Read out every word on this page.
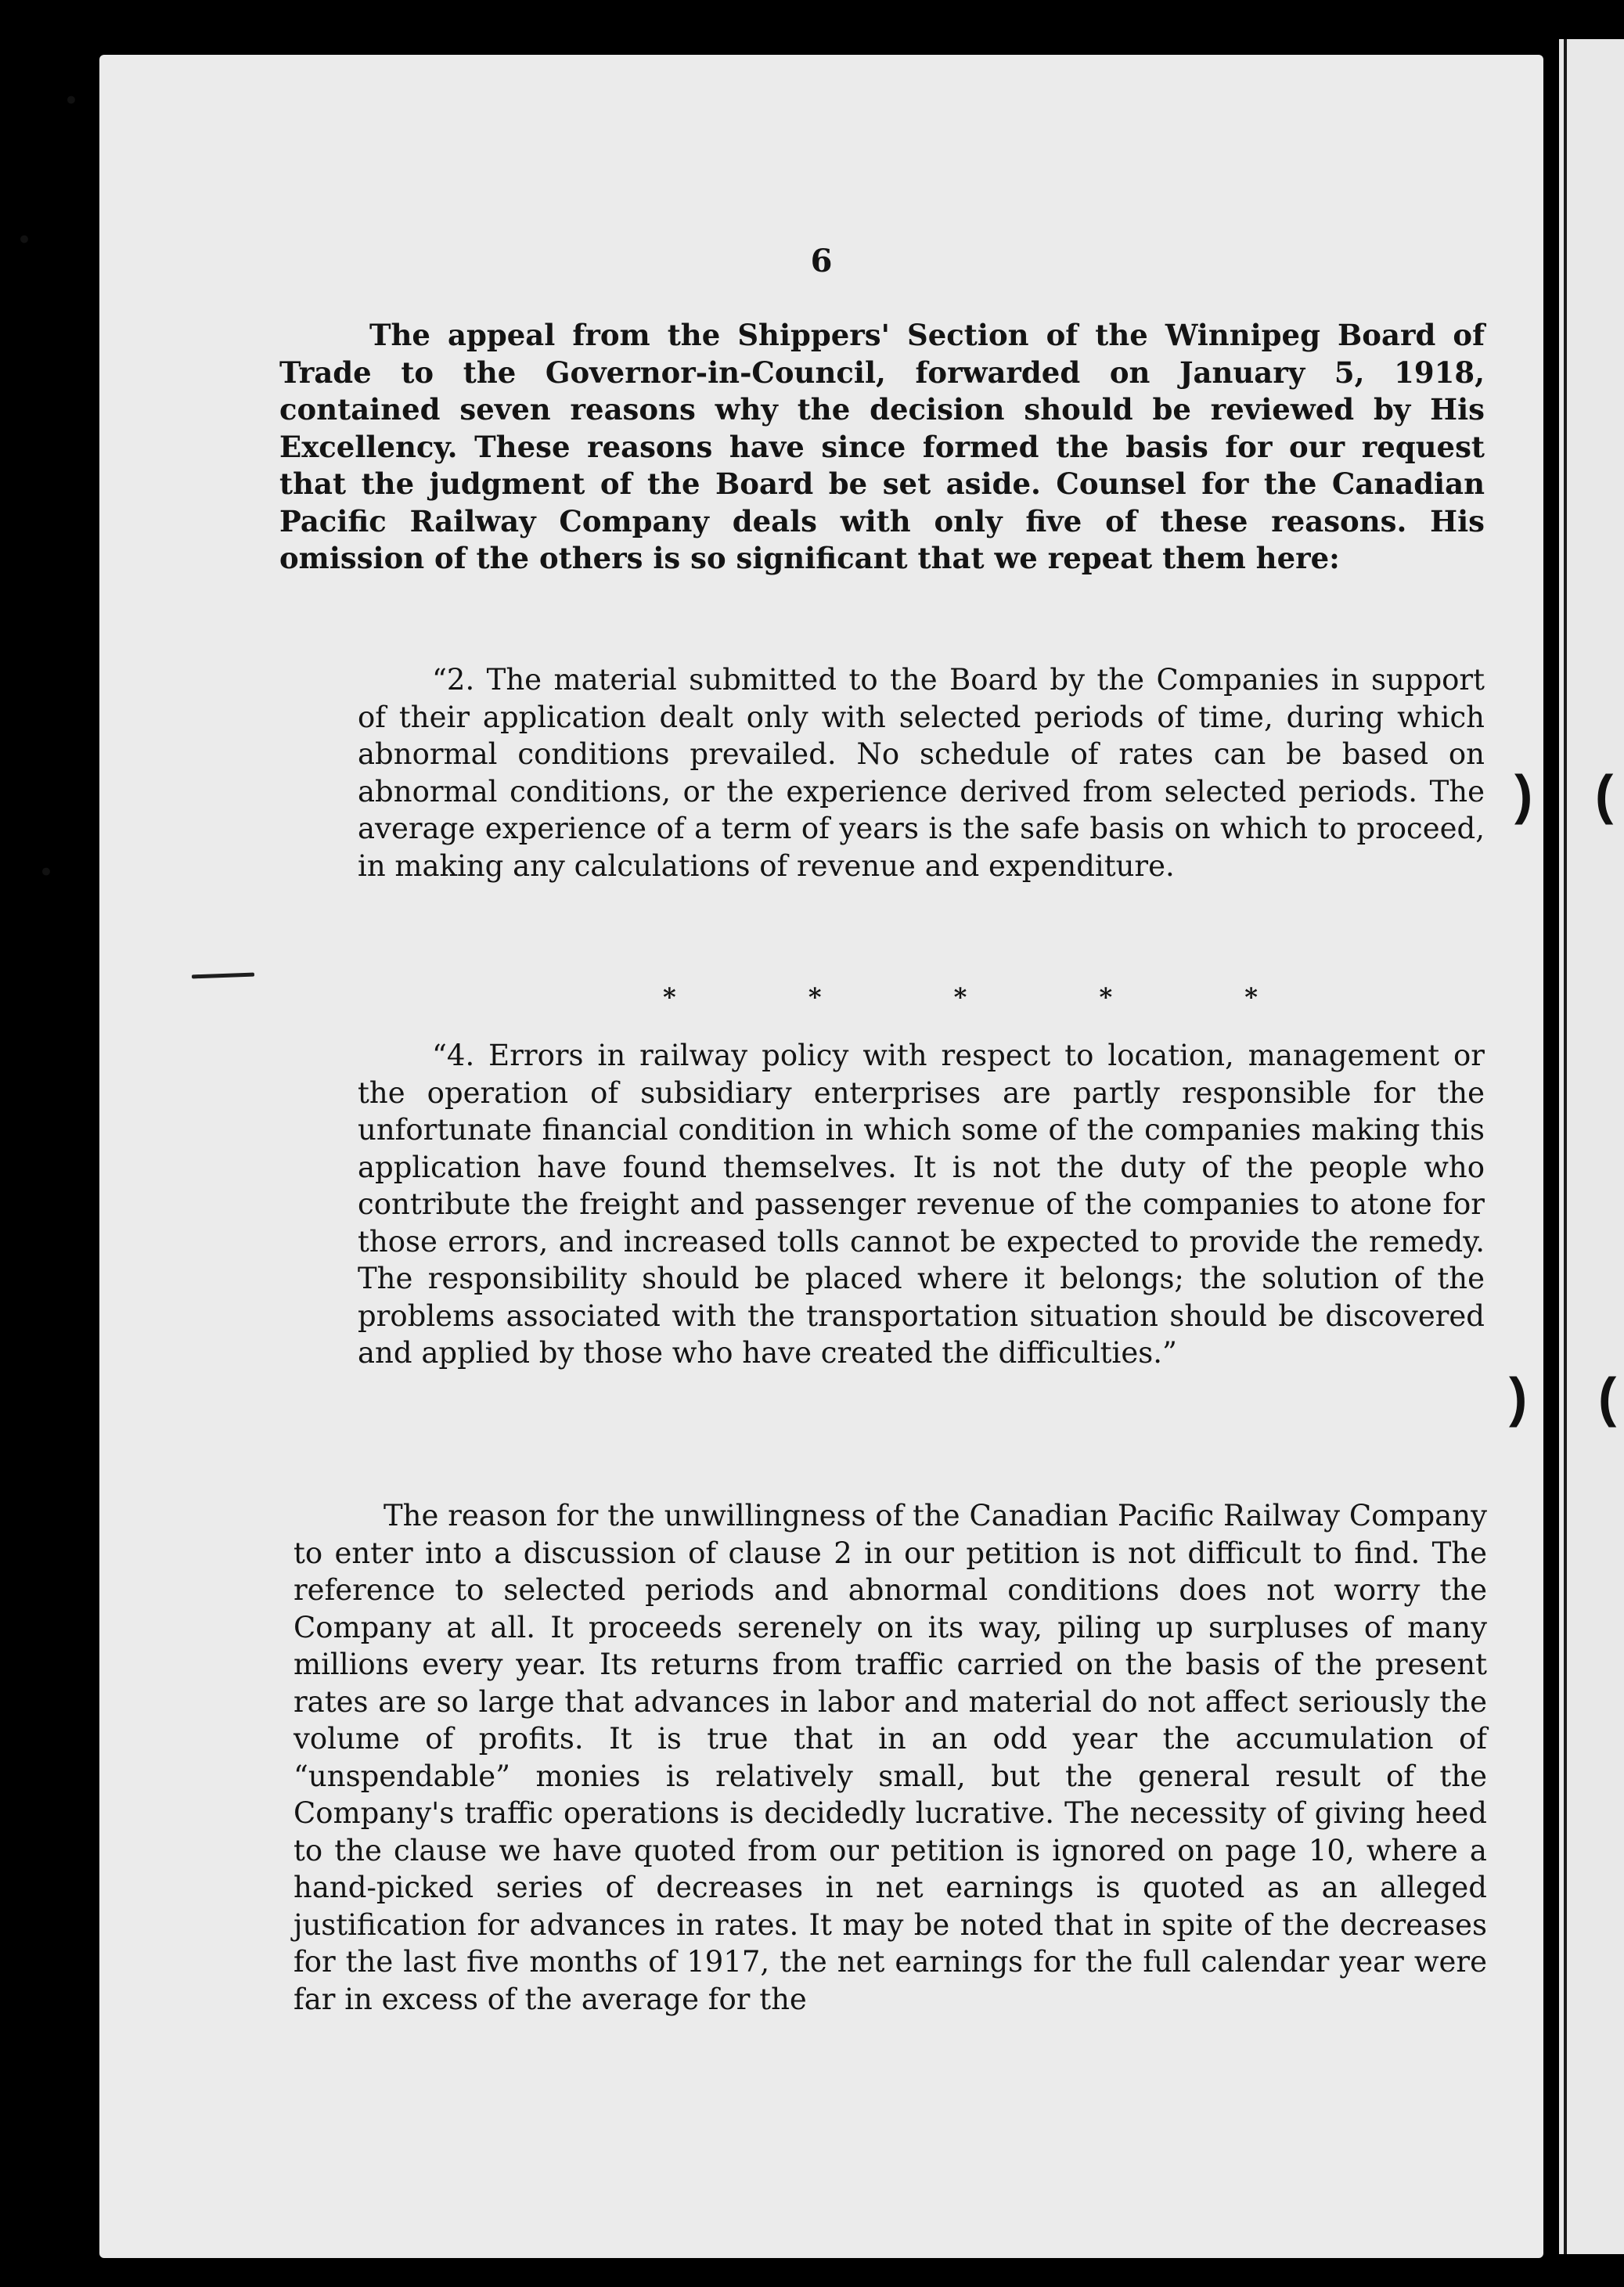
6

The appeal from the Shippers' Section of the Winnipeg Board of Trade to the Governor-in-Council, forwarded on January 5, 1918, contained seven reasons why the decision should be reviewed by His Excellency. These reasons have since formed the basis for our request that the judgment of the Board be set aside. Counsel for the Canadian Pacific Railway Company deals with only five of these reasons. His omission of the others is so significant that we repeat them here:

“2. The material submitted to the Board by the Companies in support of their application dealt only with selected periods of time, during which abnormal conditions prevailed. No schedule of rates can be based on abnormal conditions, or the experience derived from selected periods. The average experience of a term of years is the safe basis on which to proceed, in making any calculations of revenue and expenditure.

*	*	*	*	*

“4. Errors in railway policy with respect to location, management or the operation of subsidiary enterprises are partly responsible for the unfortunate financial condition in which some of the companies making this application have found themselves. It is not the duty of the people who contribute the freight and passenger revenue of the companies to atone for those errors, and increased tolls cannot be expected to provide the remedy. The responsibility should be placed where it belongs; the solution of the problems associated with the transportation situation should be discovered and applied by those who have created the difficulties.”

The reason for the unwillingness of the Canadian Pacific Railway Company to enter into a discussion of clause 2 in our petition is not difficult to find. The reference to selected periods and abnormal conditions does not worry the Company at all. It proceeds serenely on its way, piling up surpluses of many millions every year. Its returns from traffic carried on the basis of the present rates are so large that advances in labor and material do not affect seriously the volume of profits. It is true that in an odd year the accumulation of “unspendable” monies is relatively small, but the general result of the Company's traffic operations is decidedly lucrative. The necessity of giving heed to the clause we have quoted from our petition is ignored on page 10, where a hand-picked series of decreases in net earnings is quoted as an alleged justification for advances in rates. It may be noted that in spite of the decreases for the last five months of 1917, the net earnings for the full calendar year were far in excess of the average for the

) (
) (
•
•
•
